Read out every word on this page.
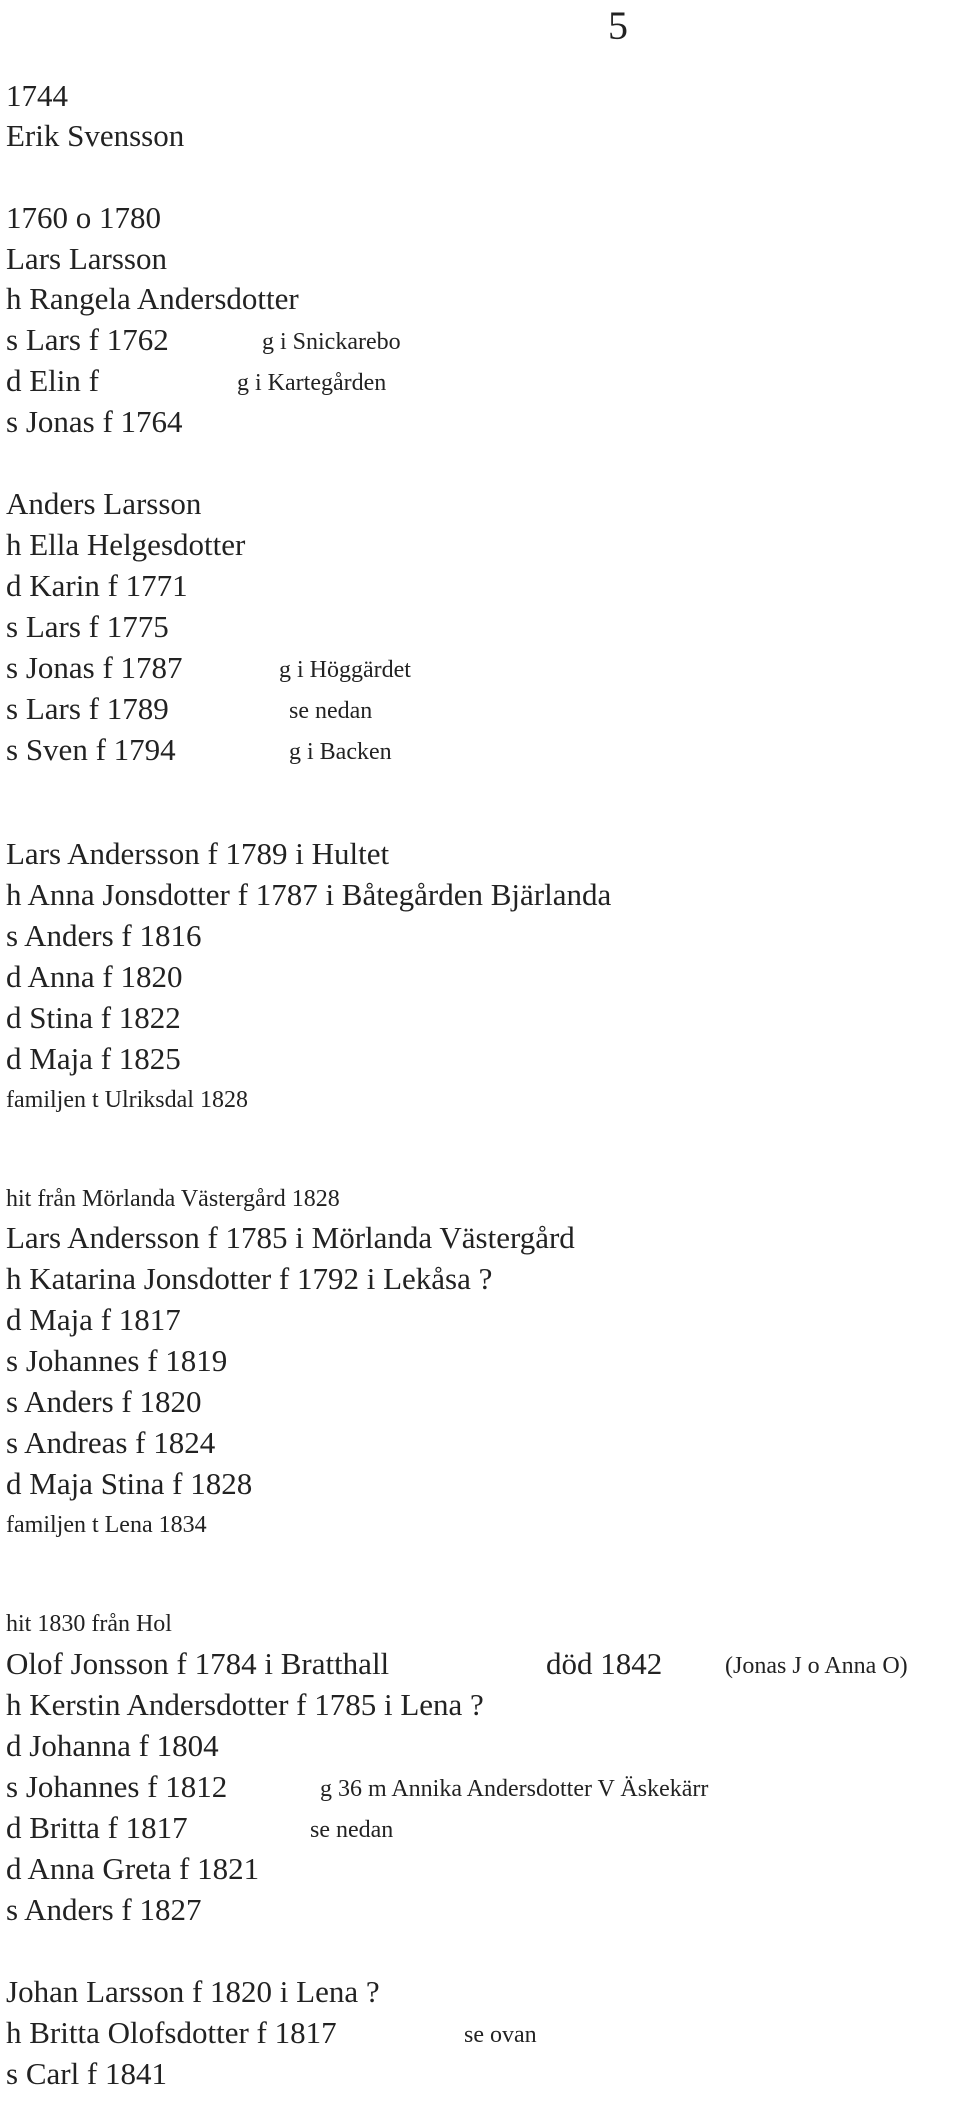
5
1744
Erik Svensson
1760 o 1780
Lars Larsson
h Rangela Andersdotter
s Lars f 1762	g i Snickarebo
d Elin f	g i Kartegården
s Jonas f 1764
Anders Larsson
h Ella Helgesdotter
d Karin f 1771
s Lars f 1775
s Jonas f 1787	g i Höggärdet
s Lars f 1789	se nedan
s Sven f 1794	g i Backen
Lars Andersson f 1789 i Hultet
h Anna Jonsdotter f 1787 i Båtegården Bjärlanda
s Anders f 1816
d Anna f 1820
d Stina f 1822
d Maja f 1825
familjen t Ulriksdal 1828
hit från Mörlanda Västergård 1828
Lars Andersson f 1785 i Mörlanda Västergård
h Katarina Jonsdotter f 1792 i Lekåsa ?
d Maja f 1817
s Johannes f 1819
s Anders f 1820
s Andreas f 1824
d Maja Stina f 1828
familjen t Lena 1834
hit 1830 från Hol
Olof Jonsson f 1784 i Bratthall	död 1842	(Jonas J o Anna O)
h Kerstin Andersdotter f 1785 i Lena ?
d Johanna f 1804
s Johannes f 1812	g 36 m Annika Andersdotter V Äskekärr
d Britta f 1817	se nedan
d Anna Greta f 1821
s Anders f 1827
Johan Larsson f 1820 i Lena ?
h Britta Olofsdotter f 1817	se ovan
s Carl f 1841
